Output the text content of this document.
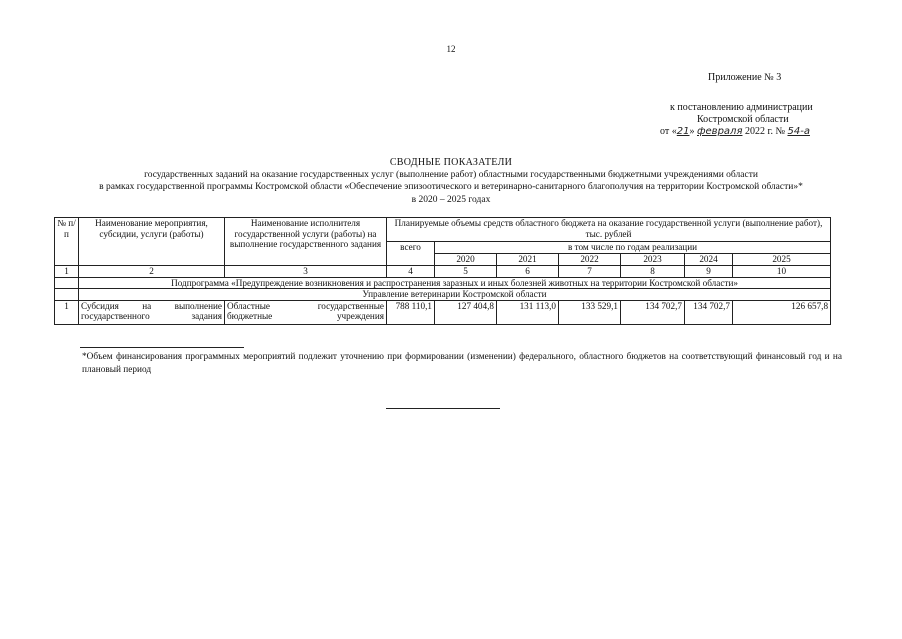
12
Приложение № 3
к постановлению администрации
Костромской области
от «21» февраля 2022 г. № 54-а
СВОДНЫЕ ПОКАЗАТЕЛИ
государственных заданий на оказание государственных услуг (выполнение работ) областными государственными бюджетными учреждениями области
в рамках государственной программы Костромской области «Обеспечение эпизоотического и ветеринарно-санитарного благополучия на территории Костромской области»*
в 2020 – 2025 годах
№ п/п	Наименование мероприятия, субсидии, услуги (работы)	Наименование исполнителя государственной услуги (работы) на выполнение государственного задания	Планируемые объемы средств областного бюджета на оказание государственной услуги (выполнение работ), тыс. рублей						
			всего	в том числе по годам реализации					
				2020	2021	2022	2023	2024	2025
1	2	3	4	5	6	7	8	9	10
	Подпрограмма «Предупреждение возникновения и распространения заразных и иных болезней животных на территории Костромской области»								
	Управление ветеринарии Костромской области								
1	Субсидия на выполнение государственного задания	Областные государственные бюджетные учреждения	788 110,1	127 404,8	131 113,0	133 529,1	134 702,7	134 702,7	126 657,8
*Объем финансирования программных мероприятий подлежит уточнению при формировании (изменении) федерального, областного бюджетов на соответствующий финансовый год и на плановый период
